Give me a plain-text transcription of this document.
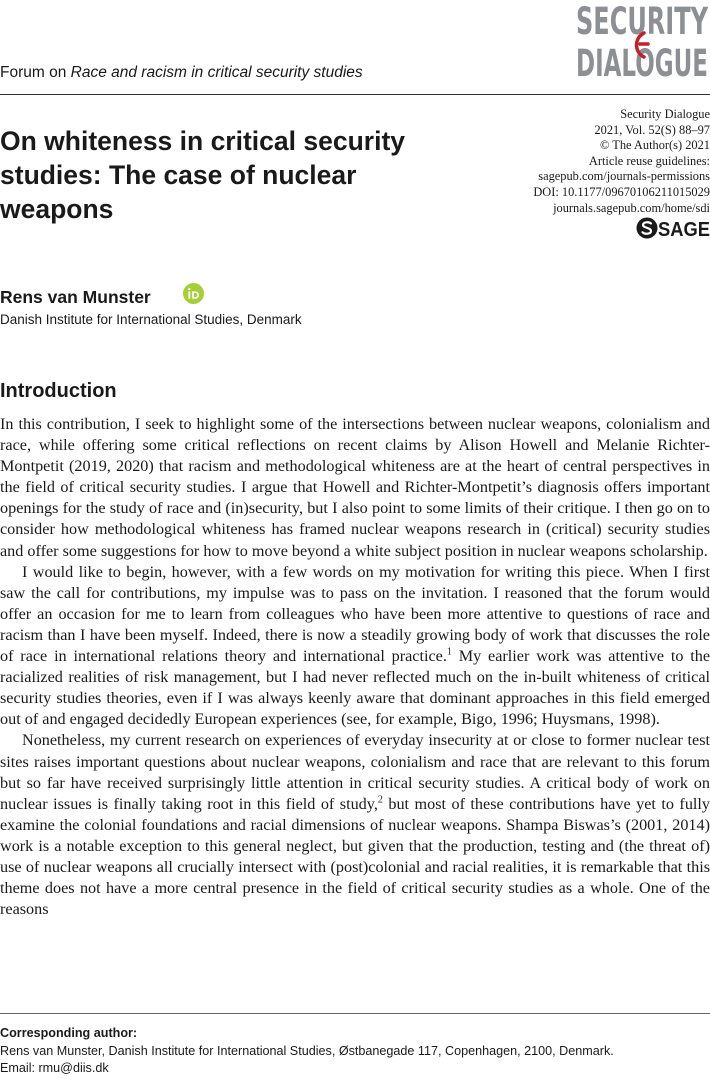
SECURITY
DIALOGUE
Forum on Race and racism in critical security studies
On whiteness in critical security studies: The case of nuclear weapons
Security Dialogue
2021, Vol. 52(S) 88–97
© The Author(s) 2021
Article reuse guidelines:
sagepub.com/journals-permissions
DOI: 10.1177/09670106211015029
journals.sagepub.com/home/sdi
SAGE
Rens van Munster
Danish Institute for International Studies, Denmark
Introduction

In this contribution, I seek to highlight some of the intersections between nuclear weapons, colonialism and race, while offering some critical reflections on recent claims by Alison Howell and Melanie Richter-Montpetit (2019, 2020) that racism and methodological whiteness are at the heart of central perspectives in the field of critical security studies. I argue that Howell and Richter-Montpetit’s diagnosis offers important openings for the study of race and (in)security, but I also point to some limits of their critique. I then go on to consider how methodological whiteness has framed nuclear weapons research in (critical) security studies and offer some suggestions for how to move beyond a white subject position in nuclear weapons scholarship.

I would like to begin, however, with a few words on my motivation for writing this piece. When I first saw the call for contributions, my impulse was to pass on the invitation. I reasoned that the forum would offer an occasion for me to learn from colleagues who have been more attentive to questions of race and racism than I have been myself. Indeed, there is now a steadily growing body of work that discusses the role of race in international relations theory and international practice.$^1$ My earlier work was attentive to the racialized realities of risk management, but I had never reflected much on the in-built whiteness of critical security studies theories, even if I was always keenly aware that dominant approaches in this field emerged out of and engaged decidedly European experiences (see, for example, Bigo, 1996; Huysmans, 1998).

Nonetheless, my current research on experiences of everyday insecurity at or close to former nuclear test sites raises important questions about nuclear weapons, colonialism and race that are relevant to this forum but so far have received surprisingly little attention in critical security studies. A critical body of work on nuclear issues is finally taking root in this field of study,$^2$ but most of these contributions have yet to fully examine the colonial foundations and racial dimensions of nuclear weapons. Shampa Biswas’s (2001, 2014) work is a notable exception to this general neglect, but given that the production, testing and (the threat of) use of nuclear weapons all crucially intersect with (post)colonial and racial realities, it is remarkable that this theme does not have a more central presence in the field of critical security studies as a whole. One of the reasons

Corresponding author:
Rens van Munster, Danish Institute for International Studies, Østbanegade 117, Copenhagen, 2100, Denmark.
Email: rmu@diis.dk
